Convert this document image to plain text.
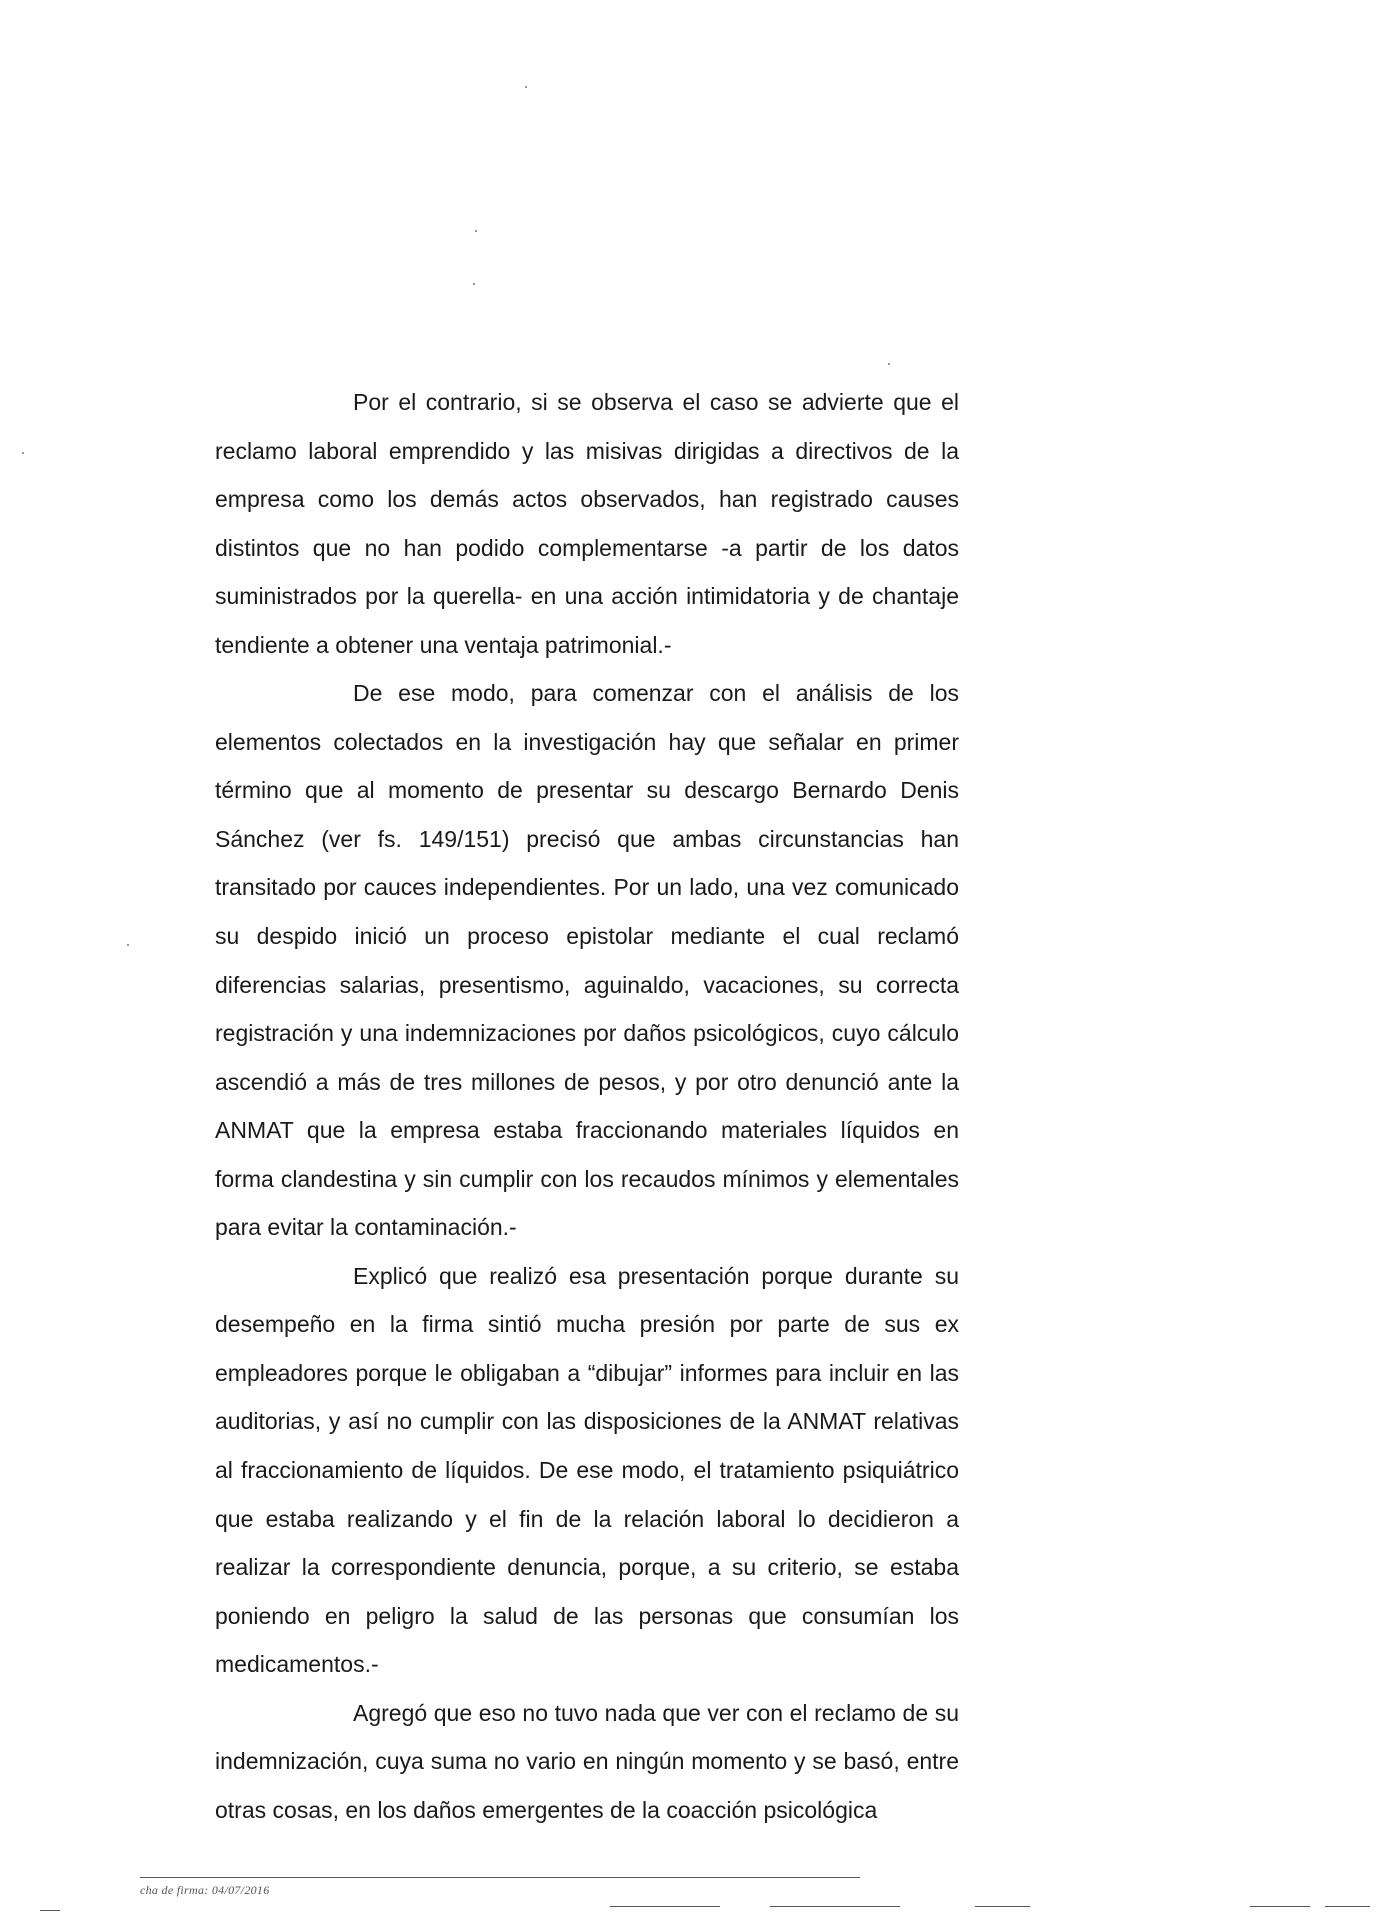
Por el contrario, si se observa el caso se advierte que el reclamo laboral emprendido y las misivas dirigidas a directivos de la empresa como los demás actos observados, han registrado causes distintos que no han podido complementarse -a partir de los datos suministrados por la querella- en una acción intimidatoria y de chantaje tendiente a obtener una ventaja patrimonial.-

De ese modo, para comenzar con el análisis de los elementos colectados en la investigación hay que señalar en primer término que al momento de presentar su descargo Bernardo Denis Sánchez (ver fs. 149/151) precisó que ambas circunstancias han transitado por cauces independientes. Por un lado, una vez comunicado su despido inició un proceso epistolar mediante el cual reclamó diferencias salarias, presentismo, aguinaldo, vacaciones, su correcta registración y una indemnizaciones por daños psicológicos, cuyo cálculo ascendió a más de tres millones de pesos, y por otro denunció ante la ANMAT que la empresa estaba fraccionando materiales líquidos en forma clandestina y sin cumplir con los recaudos mínimos y elementales para evitar la contaminación.-

Explicó que realizó esa presentación porque durante su desempeño en la firma sintió mucha presión por parte de sus ex empleadores porque le obligaban a “dibujar” informes para incluir en las auditorias, y así no cumplir con las disposiciones de la ANMAT relativas al fraccionamiento de líquidos. De ese modo, el tratamiento psiquiátrico que estaba realizando y el fin de la relación laboral lo decidieron a realizar la correspondiente denuncia, porque, a su criterio, se estaba poniendo en peligro la salud de las personas que consumían los medicamentos.-

Agregó que eso no tuvo nada que ver con el reclamo de su indemnización, cuya suma no vario en ningún momento y se basó, entre otras cosas, en los daños emergentes de la coacción psicológica

cha de firma: 04/07/2016
